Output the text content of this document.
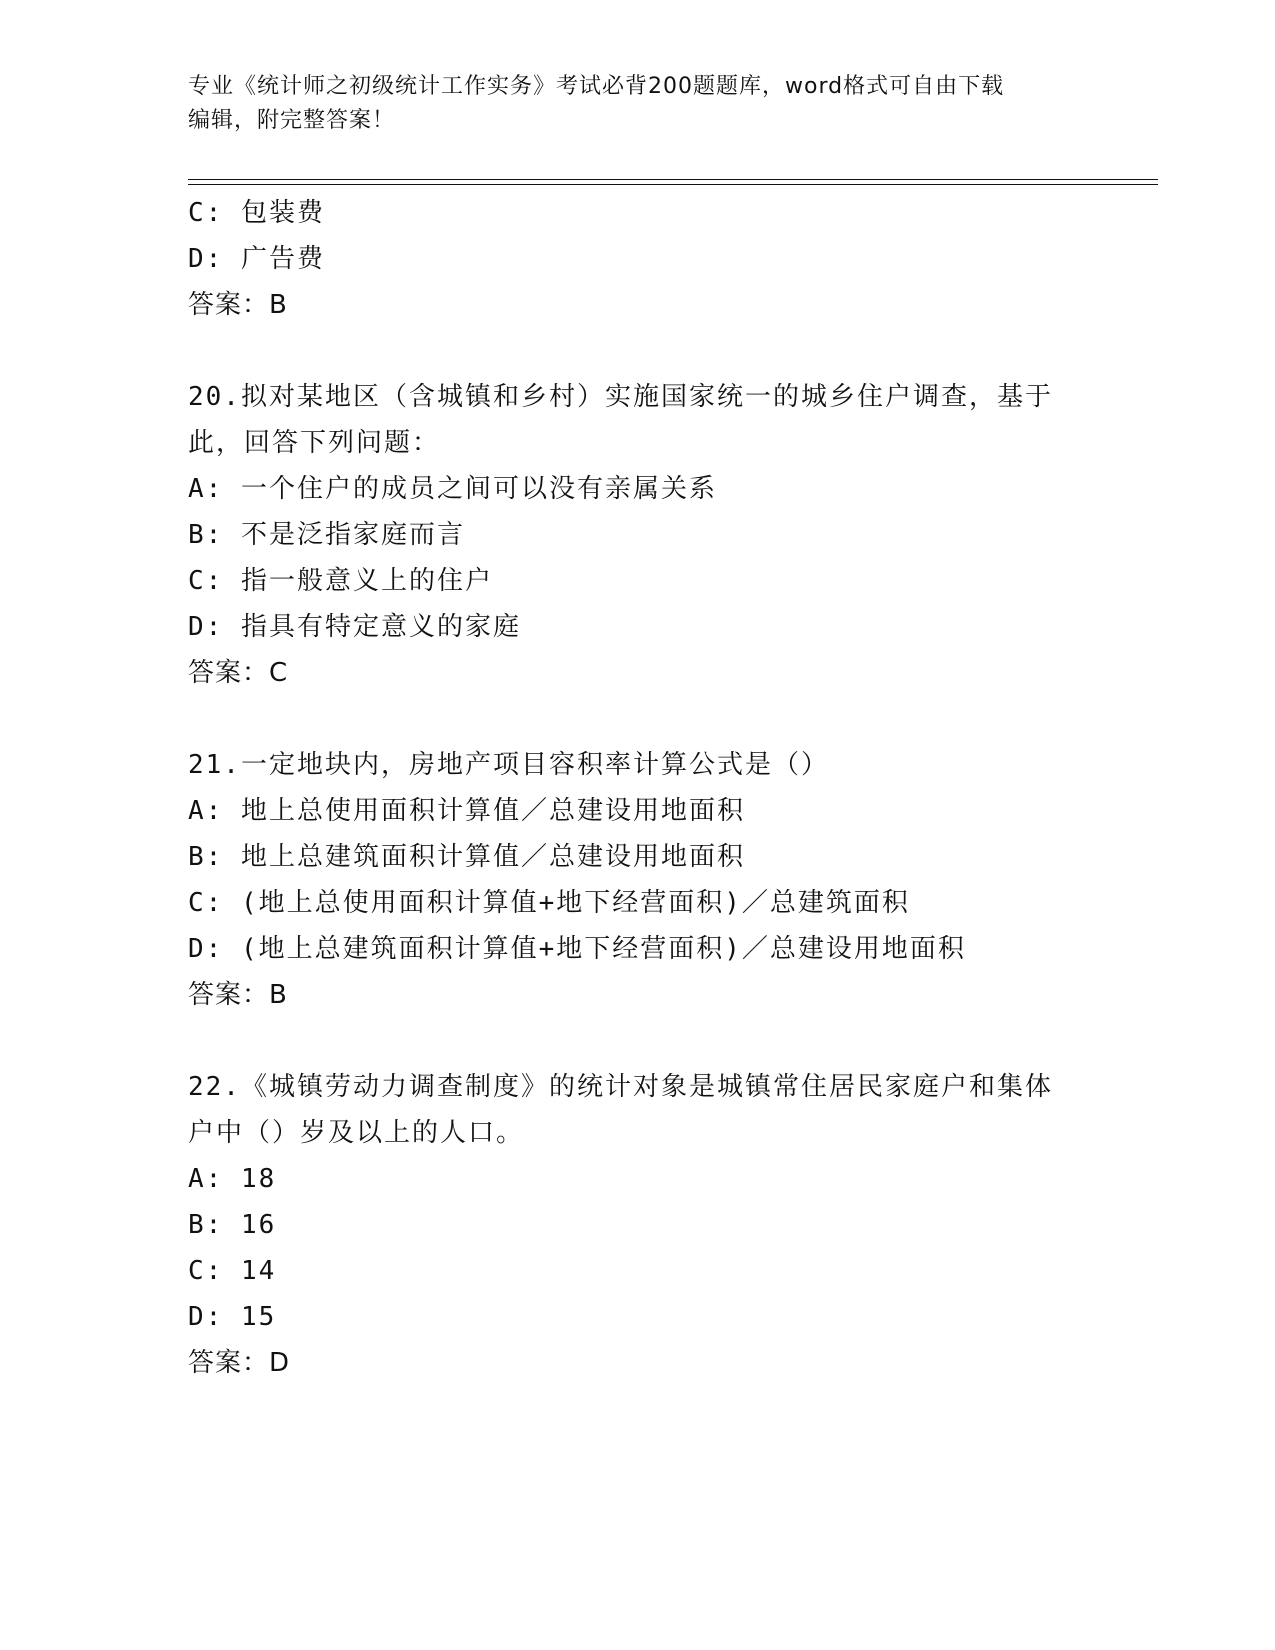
专业《统计师之初级统计工作实务》考试必背200题题库，word格式可自由下载
编辑，附完整答案！
C: 包装费
D: 广告费
答案：B
20.拟对某地区（含城镇和乡村）实施国家统一的城乡住户调查，基于
此，回答下列问题：
A: 一个住户的成员之间可以没有亲属关系
B: 不是泛指家庭而言
C: 指一般意义上的住户
D: 指具有特定意义的家庭
答案：C
21.一定地块内，房地产项目容积率计算公式是（）
A: 地上总使用面积计算值／总建设用地面积
B: 地上总建筑面积计算值／总建设用地面积
C: (地上总使用面积计算值+地下经营面积)／总建筑面积
D: (地上总建筑面积计算值+地下经营面积)／总建设用地面积
答案：B
22.《城镇劳动力调查制度》的统计对象是城镇常住居民家庭户和集体
户中（）岁及以上的人口。
A: 18
B: 16
C: 14
D: 15
答案：D
